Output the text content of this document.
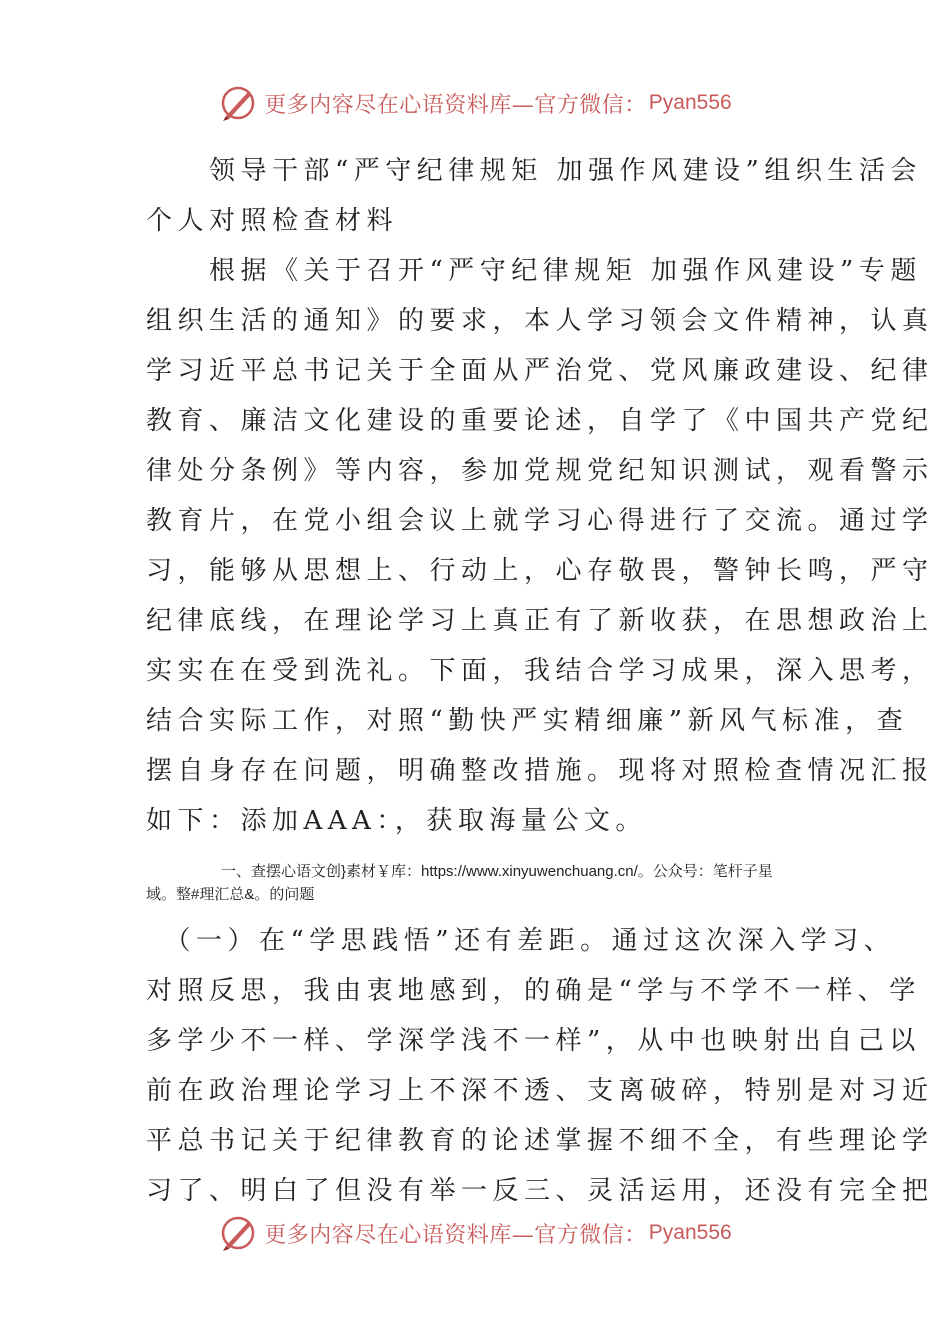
更多内容尽在心语资料库—官方微信： Pyan556
　　领导干部“严守纪律规矩 加强作风建设”组织生活会
个人对照检查材料
　　根据《关于召开“严守纪律规矩 加强作风建设”专题
组织生活的通知》的要求，本人学习领会文件精神，认真
学习近平总书记关于全面从严治党、党风廉政建设、纪律
教育、廉洁文化建设的重要论述，自学了《中国共产党纪
律处分条例》等内容，参加党规党纪知识测试，观看警示
教育片，在党小组会议上就学习心得进行了交流。通过学
习，能够从思想上、行动上，心存敬畏，警钟长鸣，严守
纪律底线，在理论学习上真正有了新收获，在思想政治上
实实在在受到洗礼。下面，我结合学习成果，深入思考，
结合实际工作，对照“勤快严实精细廉”新风气标准，查
摆自身存在问题，明确整改措施。现将对照检查情况汇报
如下：添加AAA：，获取海量公文。
　　　　　一、查摆心语文创}素材￥库：https://www.xinyuwenchuang.cn/。公众号：笔杆子星
域。整#理汇总&。的问题
　（一）在“学思践悟”还有差距。通过这次深入学习、
对照反思，我由衷地感到，的确是“学与不学不一样、学
多学少不一样、学深学浅不一样”，从中也映射出自己以
前在政治理论学习上不深不透、支离破碎，特别是对习近
平总书记关于纪律教育的论述掌握不细不全，有些理论学
习了、明白了但没有举一反三、灵活运用，还没有完全把
更多内容尽在心语资料库—官方微信： Pyan556
